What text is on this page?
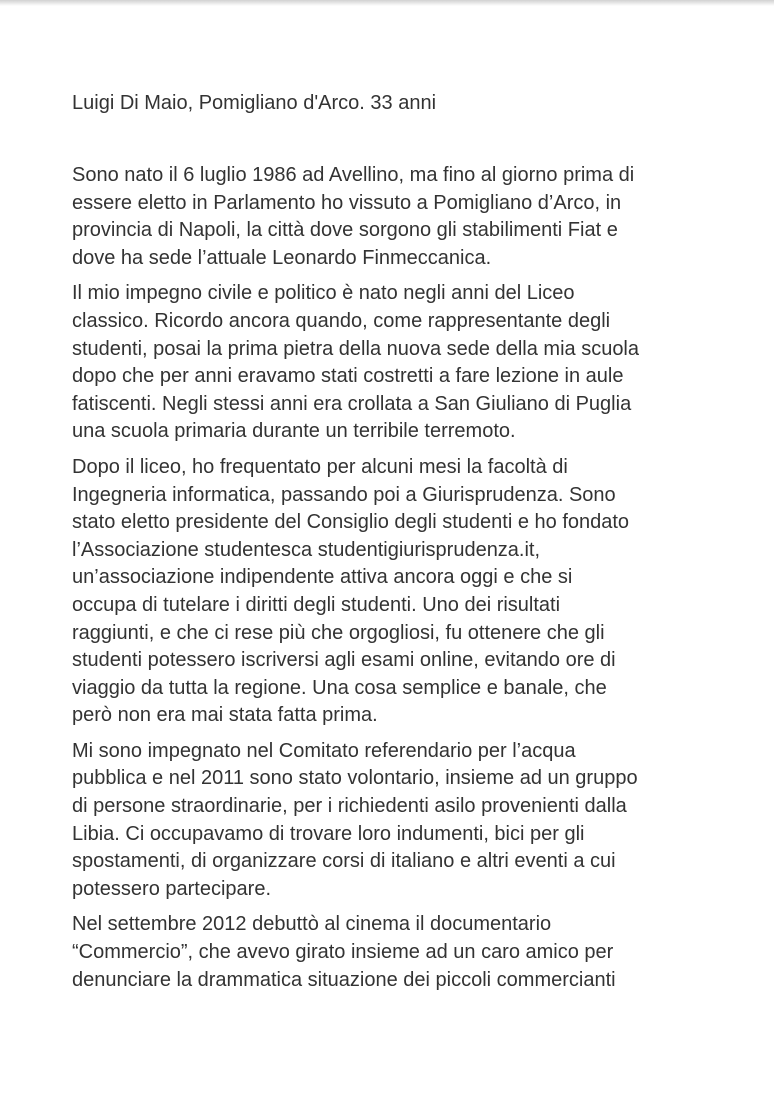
Luigi Di Maio, Pomigliano d'Arco. 33 anni

Sono nato il 6 luglio 1986 ad Avellino, ma fino al giorno prima di
essere eletto in Parlamento ho vissuto a Pomigliano d’Arco, in
provincia di Napoli, la città dove sorgono gli stabilimenti Fiat e
dove ha sede l’attuale Leonardo Finmeccanica.

Il mio impegno civile e politico è nato negli anni del Liceo
classico. Ricordo ancora quando, come rappresentante degli
studenti, posai la prima pietra della nuova sede della mia scuola
dopo che per anni eravamo stati costretti a fare lezione in aule
fatiscenti. Negli stessi anni era crollata a San Giuliano di Puglia
una scuola primaria durante un terribile terremoto.

Dopo il liceo, ho frequentato per alcuni mesi la facoltà di
Ingegneria informatica, passando poi a Giurisprudenza. Sono
stato eletto presidente del Consiglio degli studenti e ho fondato
l’Associazione studentesca studentigiurisprudenza.it,
un’associazione indipendente attiva ancora oggi e che si
occupa di tutelare i diritti degli studenti. Uno dei risultati
raggiunti, e che ci rese più che orgogliosi, fu ottenere che gli
studenti potessero iscriversi agli esami online, evitando ore di
viaggio da tutta la regione. Una cosa semplice e banale, che
però non era mai stata fatta prima.

Mi sono impegnato nel Comitato referendario per l’acqua
pubblica e nel 2011 sono stato volontario, insieme ad un gruppo
di persone straordinarie, per i richiedenti asilo provenienti dalla
Libia. Ci occupavamo di trovare loro indumenti, bici per gli
spostamenti, di organizzare corsi di italiano e altri eventi a cui
potessero partecipare.

Nel settembre 2012 debuttò al cinema il documentario
“Commercio”, che avevo girato insieme ad un caro amico per
denunciare la drammatica situazione dei piccoli commercianti
